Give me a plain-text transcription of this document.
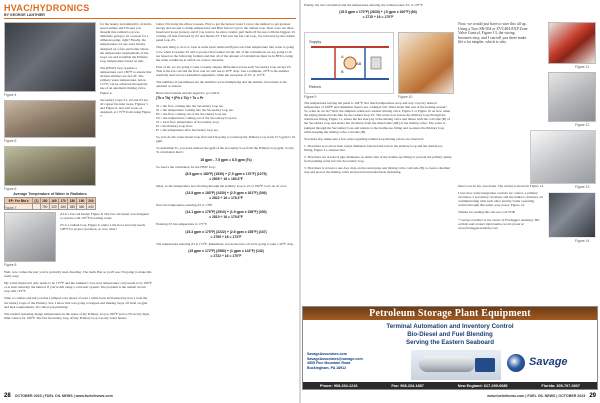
HVAC/HYDRONICS
BY GEORGE LANTHIER
Figure 4
Figure 5
Figure 6
Average Temperature of Water in Radiators
EP: For Btu's	[1]	150	160	170	180	190	200
		700	120	160	280	360	440
Figure 7
Figure 8

for the beauty and simplicity of multi-speed pumps and I'm sure you thought that radiant loop was definitely going to be a reason for a different pump, right? Finally, the temperatures we use were mostly designed on a free and boiler where the temperature requirements of the loops are and available the Primary loop temperatures based on that.

The [HSW] loop requires a temperature over 180°F to ensure that all heat emitters are fed off. The primary water temperature, below 115°F, can be achieved through the use of an automatic mixing valve, Figure 4.

Secondary loops Z1, Z2 and Z3 are all copper fin-tube loops, Figures 5 and Figure 6, and will work, as designed, at 175°F from using Figure 7.

Z4 is a fan coil heater, Figure 8. The fan coil heater was designed to operate with 165°F incoming water.

Z5 is a radiant loop, Figure 9, under a tile floor and only needs 108°F for proper operation, so now what?

Well, now comes the part you've probably been dreading. The math. But as you'll see, I'm going to make this really easy.

My writer high level only needs to be 175°F and the summer's 'low-start temperature' only needs to be 180°F or at least naturally the indirect if you're still using a cold-start system. The problem is the radiant circuit loop will 125°F.

Time to confess and tell you that I jumped over ahead of even a while back and learned by how I look the Secondary loops of the Primary. See, I know that was going to happen and making loops off bead on gpm and heat requirements. It's called 'pre-planning.'

The normal operating design temperatures in the sense of my Primary loop is 180°F and so I'll set my high-limit control for 190°F. The flat Secondary loop off my Primary loop was my water heater.

boiler. I'm doing the elbow reasons. First to get the hottest water I can to the indirect to get greatest energy and second to dump temperature and Btus before I get to the radiant loop. Next were out three baseboard loops (zones), and if you want to be extra careful, pull them off the tees with the biggest, Z1 coming off first followed by Z2 and finally Z3. That was my fan coil loop, Z4, followed by the radiant panel loop Z5.

The next thing to do is to look at some basic math and figure out what temperature that water is going to be when it reaches Z5 and to protect that radiant circuit. All of the calculations we are going to do are based on the following formula and that all of the amount of calculations must be in BTUs, being the same conditions at which we want to measure.

First of all, we are going to take a twenty-degree differential across each Secondary loop except Z5. That is the fan coil and the flow rate we will use is 30°F drop. Just a reminder, 20°F is the number normally used across residential equipment, while the exception of Z5, at 115°F.

The numbers in parentheses are the numbers we're multiplying and the number in brackets is the quotient or answer.

Here's the formula and the legend to go with it:

(Tb x Tb) + (Pb x Tb) ÷ Ts = Pr

Ts = the flow coming into the Secondary loop tee.

Ts = the temperature coming into the Secondary loop tee.

Pb = the flow coming out of the Secondary loop tee.

Tb = the temperature coming out of the Secondary loop tee.

Ts = total flow temperature of Secondary loop.

Pt = the Primary loop flow.

Pr = the temperature after Secondary loop tee.

So, let's do the water heater loop first and I'm going to round up my Primary loop from 15.5 gpm to 16 gpm.

To determine Ts, you need subtract the gpm of the secondary loop from the Primary loop gpm. So my Ts calculation that's:

16 gpm - 7.5 gpm = 8.5 gpm (Ts)

So, here's the calculation for the HSW loop:

(8.5 gpm x 180°F) (1530) + (7.5 gpm x 170°F) (1275)
= 2805 ÷ 16 = 180.3°F

Okay, so the temperature now moving through the primary loop to Z1 is 180°F. Let's do Z1 now.

(13.5 gpm x 180°F) (2430) + (2.5 gpm x 161°F) (394)
= 2822 ÷ 16 = 176.3°F

Now the temperature entering Z2 is 176F.

(14.1 gpm x 176°F) (2510) + (1.9 gpm x 158°F) (300)
= 2810 ÷ 16 = 175.6°F

Entering Z3 the temperature is 175°F.

(15.3 gpm x 175°F) (2222) + (2.6 gpm x 158°F) (437)
= 2769 ÷ 16 = 173°F

The temperature entering Z4 is 172°F. Remember, across the fan coil we're going to take a 30°F drop.

(15 gpm x 172°F) (2580) + (1 gpm x 142°F) (142)
= 2722 ÷ 16 = 170°F

Finally, the last calculation and the temperature entering my radiant panel, Z5, is 170°F.

(15.5 gpm x 170°F) (2635) + (.5 gpm x 160°F) (80)
= 2715 ÷ 16 = 170°F
Supply
Return
A
B
AB
Figure 9	Figure 10
Figure 11
Figure 12
Figure 13
Figure 14

The temperature leaving the panel is 164°F. Not much temperature drop and way over my desired temperature of 108°F and remember there's not a damper fail. What about that rest of the heating season? So, what do we do? Well, the simplest solution is another mixing valve, Figure 3 or Figure 10 on how when the piping method looks like for the radiant loop Z5. The water now leaves the Primary loop through the double-tee fitting, Figure 11, enters the hot side (A) of the mixing valve and mixes with the cold side (B) of the Secondary loop and enters the circulator from the mixed side (AB) of the mixing valve. The water is pumped through the Secondary loop and returns to the double-tee fitting and re-enters the Primary loop while keeping the mixing valve cold side (B).

You must also make sure a few rules regarding radiant loop mixing valves are observed:

1. That there is no more than 4 pipe diameters between the tees in the primary loop and the double-tee fitting, Figure 11, ensures that.

2. That there are at least 6 pipe diameters on either side of the double-tee fitting to prevent the primary pump from pushing water into the Secondary loop.

3. That there is at least a one-foot drop on the return pipe and mixing valve cold side (B) to create a thermal trap and protect the mixing valve and prevent unwanted heat siphoning.

Now, we would just have to wire this all up. Using a Taco SR-504 or ZVC404-EXP Zone Valve Control, Figure 13, the wiring becomes easy, and I can tell you three make life a lot simpler, which is why

there's one in my own home. The wiring is shown in Figure 13.

I love how some integration controls for control, a primary circulator, a secondary circulator and my indirect circulator all communicating with each other and my boiler operating control through this panel, easy peasy, Figure 14.

Thanks for reading this and see you! FOR

* George Lanthier is the owner of Firebagger Academy. His website and contact information can be found at www.firebaggeracademy.com

Petroleum Storage Plant Equipment
Terminal Automation and Inventory Control
Bio-Diesel and Fuel Blending
Serving the Eastern Seaboard
SavageAssociates.com
SavageAssociates@savage.com
4505 Fine Mountain Road
Buckingham, PA 18912	Savage
Phone: 908-234-1216	Fax: 908-234-1887	New England: 617-299-0685	Florida: 305-767-0607
28 OCTOBER 2023 | FUEL OIL NEWS | www.fueloilnews.com	www.fueloilnews.com | FUEL OIL NEWS | OCTOBER 2023 29
